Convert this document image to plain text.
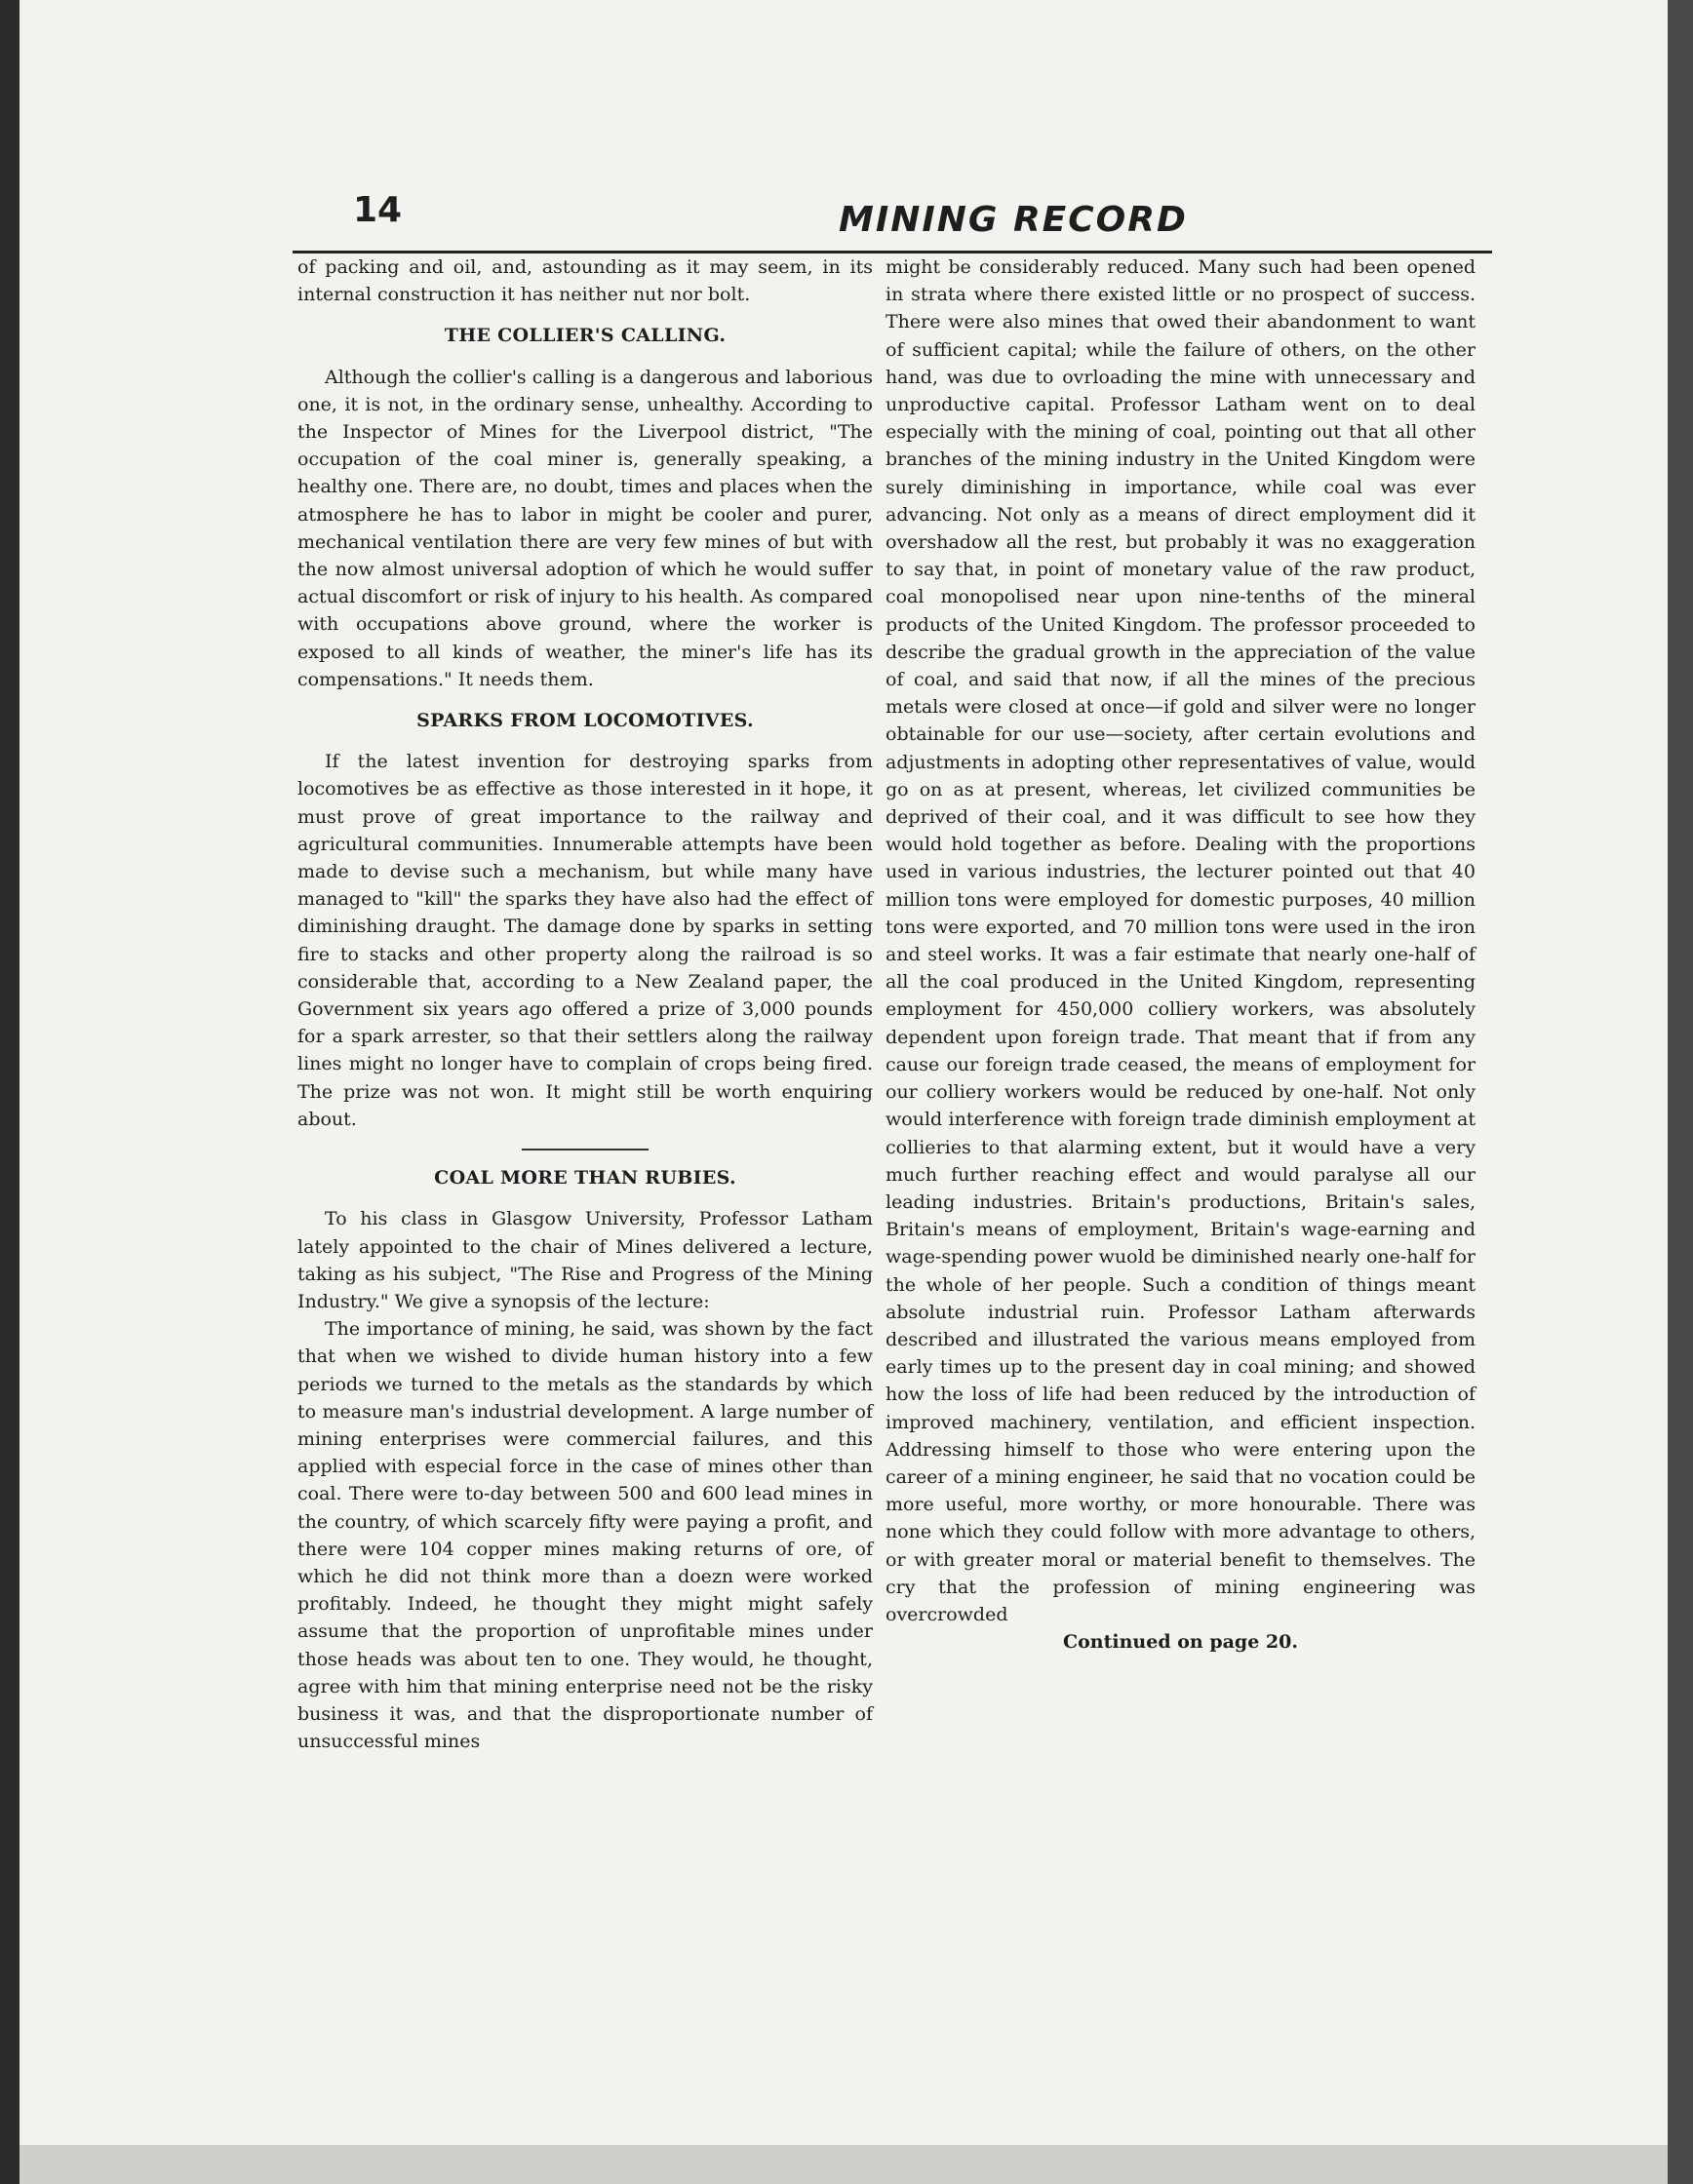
14	MINING RECORD

of packing and oil, and, astounding as it may seem, in its internal construction it has neither nut nor bolt.

THE COLLIER'S CALLING.

Although the collier's calling is a dangerous and laborious one, it is not, in the ordinary sense, unhealthy. According to the Inspector of Mines for the Liverpool district, "The occupation of the coal miner is, generally speaking, a healthy one. There are, no doubt, times and places when the atmosphere he has to labor in might be cooler and purer, mechanical ventilation there are very few mines of but with the now almost universal adoption of which he would suffer actual discomfort or risk of injury to his health. As compared with occupations above ground, where the worker is exposed to all kinds of weather, the miner's life has its compensations." It needs them.

SPARKS FROM LOCOMOTIVES.

If the latest invention for destroying sparks from locomotives be as effective as those interested in it hope, it must prove of great importance to the railway and agricultural communities. Innumerable attempts have been made to devise such a mechanism, but while many have managed to "kill" the sparks they have also had the effect of diminishing draught. The damage done by sparks in setting fire to stacks and other property along the railroad is so considerable that, according to a New Zealand paper, the Government six years ago offered a prize of 3,000 pounds for a spark arrester, so that their settlers along the railway lines might no longer have to complain of crops being fired. The prize was not won. It might still be worth enquiring about.

COAL MORE THAN RUBIES.

To his class in Glasgow University, Professor Latham lately appointed to the chair of Mines delivered a lecture, taking as his subject, "The Rise and Progress of the Mining Industry." We give a synopsis of the lecture:

The importance of mining, he said, was shown by the fact that when we wished to divide human history into a few periods we turned to the metals as the standards by which to measure man's industrial development. A large number of mining enterprises were commercial failures, and this applied with especial force in the case of mines other than coal. There were to-day between 500 and 600 lead mines in the country, of which scarcely fifty were paying a profit, and there were 104 copper mines making returns of ore, of which he did not think more than a doezn were worked profitably. Indeed, he thought they might might safely assume that the proportion of unprofitable mines under those heads was about ten to one. They would, he thought, agree with him that mining enterprise need not be the risky business it was, and that the disproportionate number of unsuccessful mines

might be considerably reduced. Many such had been opened in strata where there existed little or no prospect of success. There were also mines that owed their abandonment to want of sufficient capital; while the failure of others, on the other hand, was due to ovrloading the mine with unnecessary and unproductive capital. Professor Latham went on to deal especially with the mining of coal, pointing out that all other branches of the mining industry in the United Kingdom were surely diminishing in importance, while coal was ever advancing. Not only as a means of direct employment did it overshadow all the rest, but probably it was no exaggeration to say that, in point of monetary value of the raw product, coal monopolised near upon nine-tenths of the mineral products of the United Kingdom. The professor proceeded to describe the gradual growth in the appreciation of the value of coal, and said that now, if all the mines of the precious metals were closed at once—if gold and silver were no longer obtainable for our use—society, after certain evolutions and adjustments in adopting other representatives of value, would go on as at present, whereas, let civilized communities be deprived of their coal, and it was difficult to see how they would hold together as before. Dealing with the proportions used in various industries, the lecturer pointed out that 40 million tons were employed for domestic purposes, 40 million tons were exported, and 70 million tons were used in the iron and steel works. It was a fair estimate that nearly one-half of all the coal produced in the United Kingdom, representing employment for 450,000 colliery workers, was absolutely dependent upon foreign trade. That meant that if from any cause our foreign trade ceased, the means of employment for our colliery workers would be reduced by one-half. Not only would interference with foreign trade diminish employment at collieries to that alarming extent, but it would have a very much further reaching effect and would paralyse all our leading industries. Britain's productions, Britain's sales, Britain's means of employment, Britain's wage-earning and wage-spending power wuold be diminished nearly one-half for the whole of her people. Such a condition of things meant absolute industrial ruin. Professor Latham afterwards described and illustrated the various means employed from early times up to the present day in coal mining; and showed how the loss of life had been reduced by the introduction of improved machinery, ventilation, and efficient inspection. Addressing himself to those who were entering upon the career of a mining engineer, he said that no vocation could be more useful, more worthy, or more honourable. There was none which they could follow with more advantage to others, or with greater moral or material benefit to themselves. The cry that the profession of mining engineering was overcrowded

Continued on page 20.
